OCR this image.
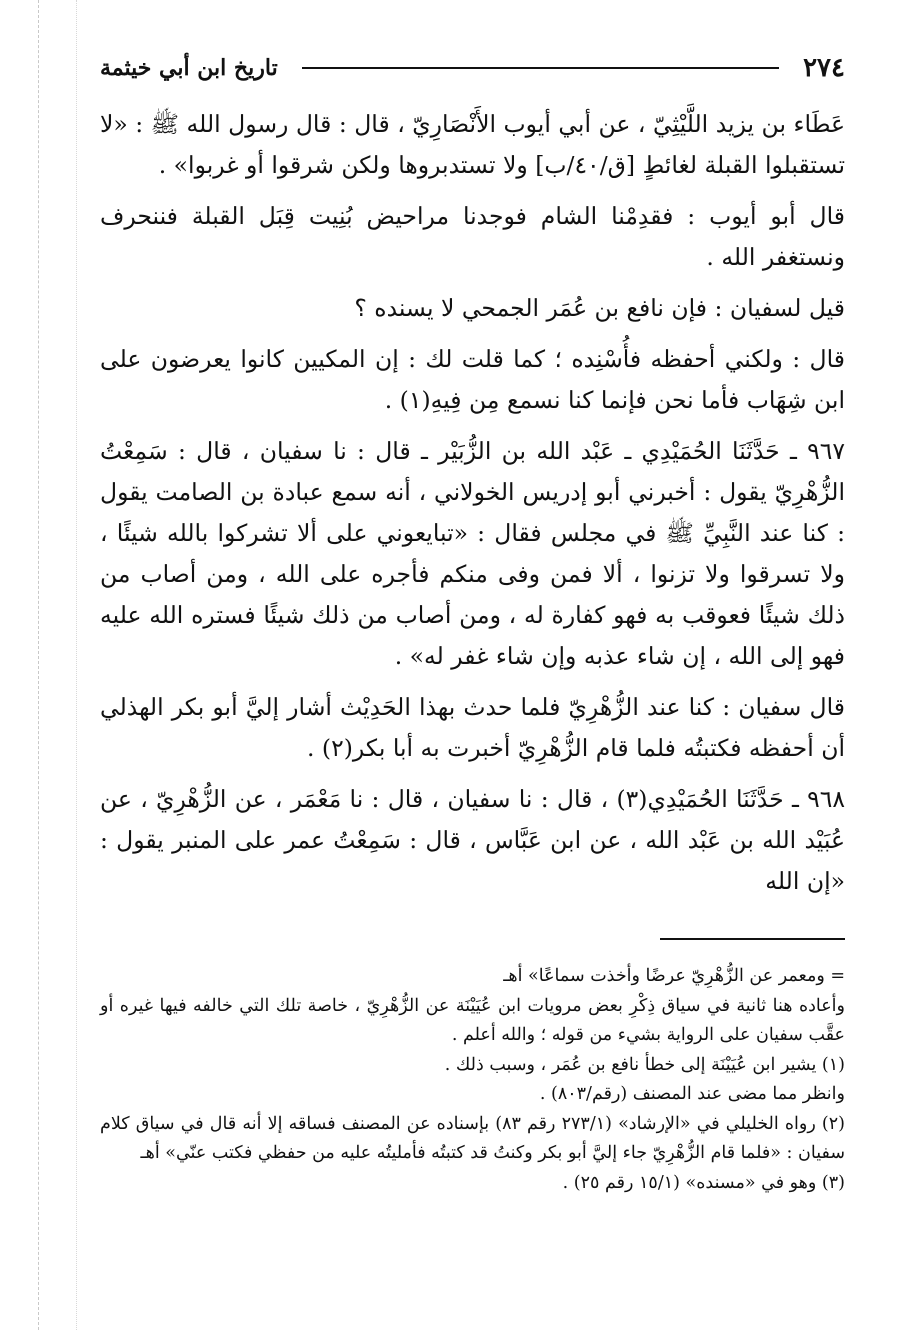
٢٧٤
تاريخ ابن أبي خيثمة

عَطَاء بن يزيد اللَّيْثِيّ ، عن أبي أيوب الأَنْصَارِيّ ، قال : قال رسول الله ﷺ : «لا تستقبلوا القبلة لغائطٍ [ق/٤٠/ب] ولا تستدبروها ولكن شرقوا أو غربوا» .

قال أبو أيوب : فقدِمْنا الشام فوجدنا مراحيض بُنِيت قِبَل القبلة فننحرف ونستغفر الله .

قيل لسفيان : فإن نافع بن عُمَر الجمحي لا يسنده ؟

قال : ولكني أحفظه فأُسْنِده ؛ كما قلت لك : إن المكيين كانوا يعرضون على ابن شِهَاب فأما نحن فإنما كنا نسمع مِن فِيهِ(١) .

٩٦٧ ـ حَدَّثَنَا الحُمَيْدِي ـ عَبْد الله بن الزُّبَيْر ـ قال : نا سفيان ، قال : سَمِعْتُ الزُّهْرِيّ يقول : أخبرني أبو إدريس الخولاني ، أنه سمع عبادة بن الصامت يقول : كنا عند النَّبِيِّ ﷺ في مجلس فقال : «تبايعوني على ألا تشركوا بالله شيئًا ، ولا تسرقوا ولا تزنوا ، ألا فمن وفى منكم فأجره على الله ، ومن أصاب من ذلك شيئًا فعوقب به فهو كفارة له ، ومن أصاب من ذلك شيئًا فستره الله عليه فهو إلى الله ، إن شاء عذبه وإن شاء غفر له» .

قال سفيان : كنا عند الزُّهْرِيّ فلما حدث بهذا الحَدِيْث أشار إليَّ أبو بكر الهذلي أن أحفظه فكتبتُه فلما قام الزُّهْرِيّ أخبرت به أبا بكر(٢) .

٩٦٨ ـ حَدَّثَنَا الحُمَيْدِي(٣) ، قال : نا سفيان ، قال : نا مَعْمَر ، عن الزُّهْرِيّ ، عن عُبَيْد الله بن عَبْد الله ، عن ابن عَبَّاس ، قال : سَمِعْتُ عمر على المنبر يقول : «إن الله

= ومعمر عن الزُّهْرِيّ عرضًا وأخذت سماعًا» أهـ

وأعاده هنا ثانية في سياق ذِكْرِ بعض مرويات ابن عُيَيْنَة عن الزُّهْرِيّ ، خاصة تلك التي خالفه فيها غيره أو عقَّب سفيان على الرواية بشيء من قوله ؛ والله أعلم .

(١) يشير ابن عُيَيْنَة إلى خطأ نافع بن عُمَر ، وسبب ذلك .

وانظر مما مضى عند المصنف (رقم/٨٠٣) .

(٢) رواه الخليلي في «الإرشاد» (٢٧٣/١ رقم ٨٣) بإسناده عن المصنف فساقه إلا أنه قال في سياق كلام سفيان : «فلما قام الزُّهْرِيّ جاء إليَّ أبو بكر وكنتُ قد كتبتُه فأمليتُه عليه من حفظي فكتب عنّي» أهـ

(٣) وهو في «مسنده» (١٥/١ رقم ٢٥) .
